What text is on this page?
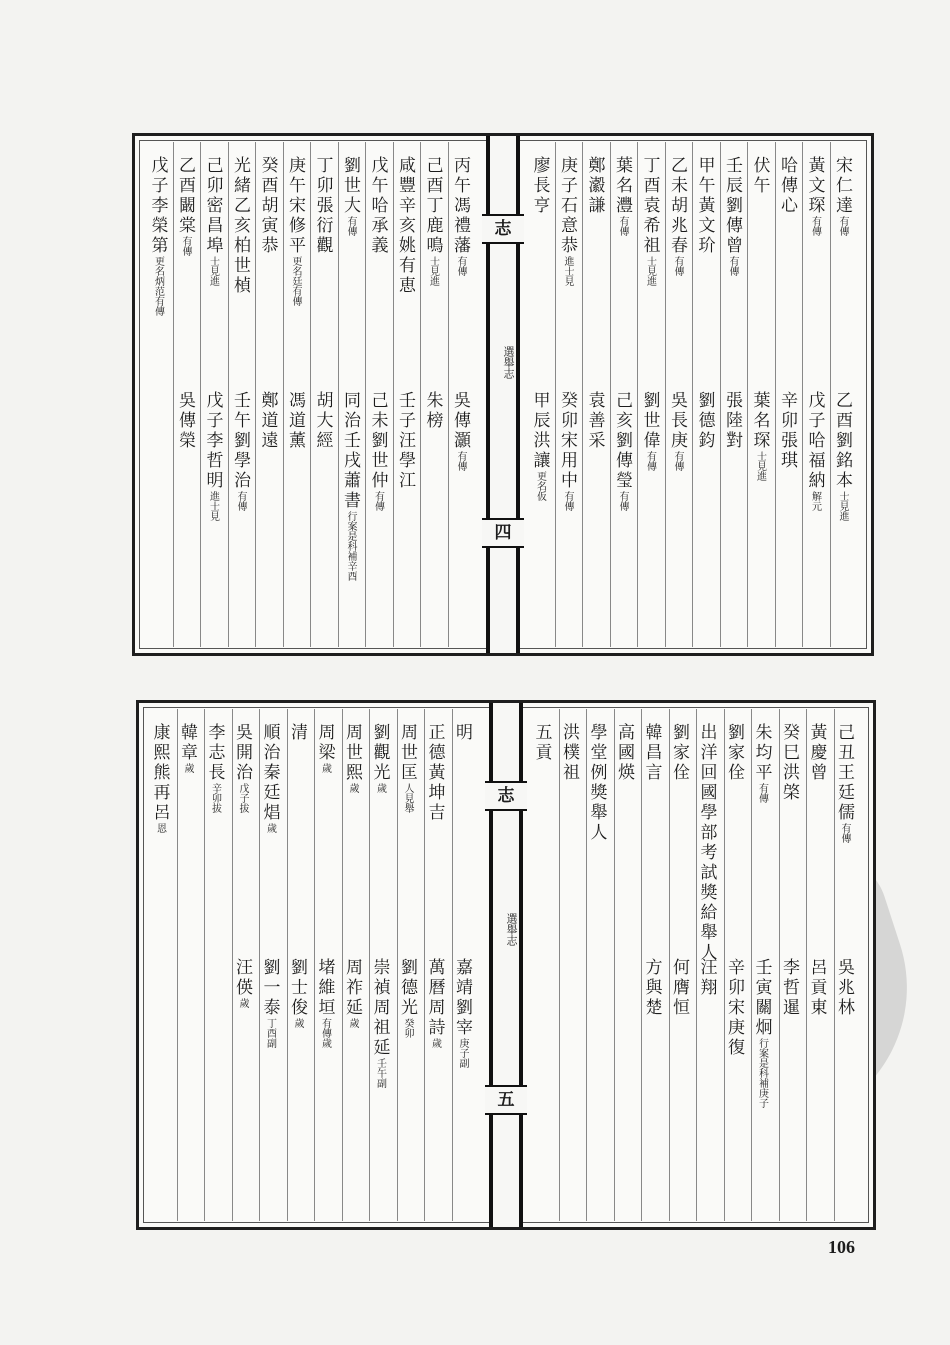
宋仁達有傳
黃文琛有傳
哈傳心
伏午
壬辰劉傳曾有傳
甲午黃文玠
乙未胡兆春有傳
丁酉袁希祖士見進
葉名灃有傳
鄭瀫謙
庚子石意恭進士見
廖長亨
乙酉劉銘本士見進
戊子哈福納解元
辛卯張琪
葉名琛士見進
張陸對
劉德鈞
吳長庚有傳
劉世偉有傳
己亥劉傳瑩有傳
袁善采
癸卯宋用中有傳
甲辰洪讓更名仮
丙午馮禮藩有傳
己酉丁鹿鳴士見進
咸豐辛亥姚有恵
戊午哈承義
劉世大有傳
丁卯張衍觀
庚午宋修平更名廷有傳
癸酉胡寅恭
光緒乙亥柏世楨
己卯密昌埠士見進
乙酉闞棠有傳
戊子李榮第更名炳范有傳
吳傳灝有傳
朱榜
壬子汪學江
己未劉世仲有傳
同治壬戌蕭書行案是科補辛酉
胡大經
馮道薰
鄭道遠
壬午劉學治有傳
戊子李哲明進士見
吳傳榮
志
選舉志
四
己丑王廷儒有傳
黃慶曾
癸巳洪棨
朱均平有傳
劉家佺
出洋回國學部考試獎給舉人
劉家佺
韓昌言
高國煐
學堂例獎舉人
洪樸祖
五貢
吳兆林
呂貢東
李哲暹
壬寅關炯行案是科補庚子
辛卯宋庚復
汪翔
何膺恒
方與楚
明
正德黃坤吉
周世匡人見舉
劉觀光歲
周世熙歲
周梁歲
清
順治秦廷焻歲
吳開治戊子拔
李志長辛卯拔
韓章歲
康熙熊再呂恩
嘉靖劉宰庚子副
萬曆周詩歲
劉德光癸卯
崇禎周祖延壬午副
周祚延歲
堵維垣有傳歲
劉士俊歲
劉一泰丁酉副
汪偀歲
志
選舉志
五
106
